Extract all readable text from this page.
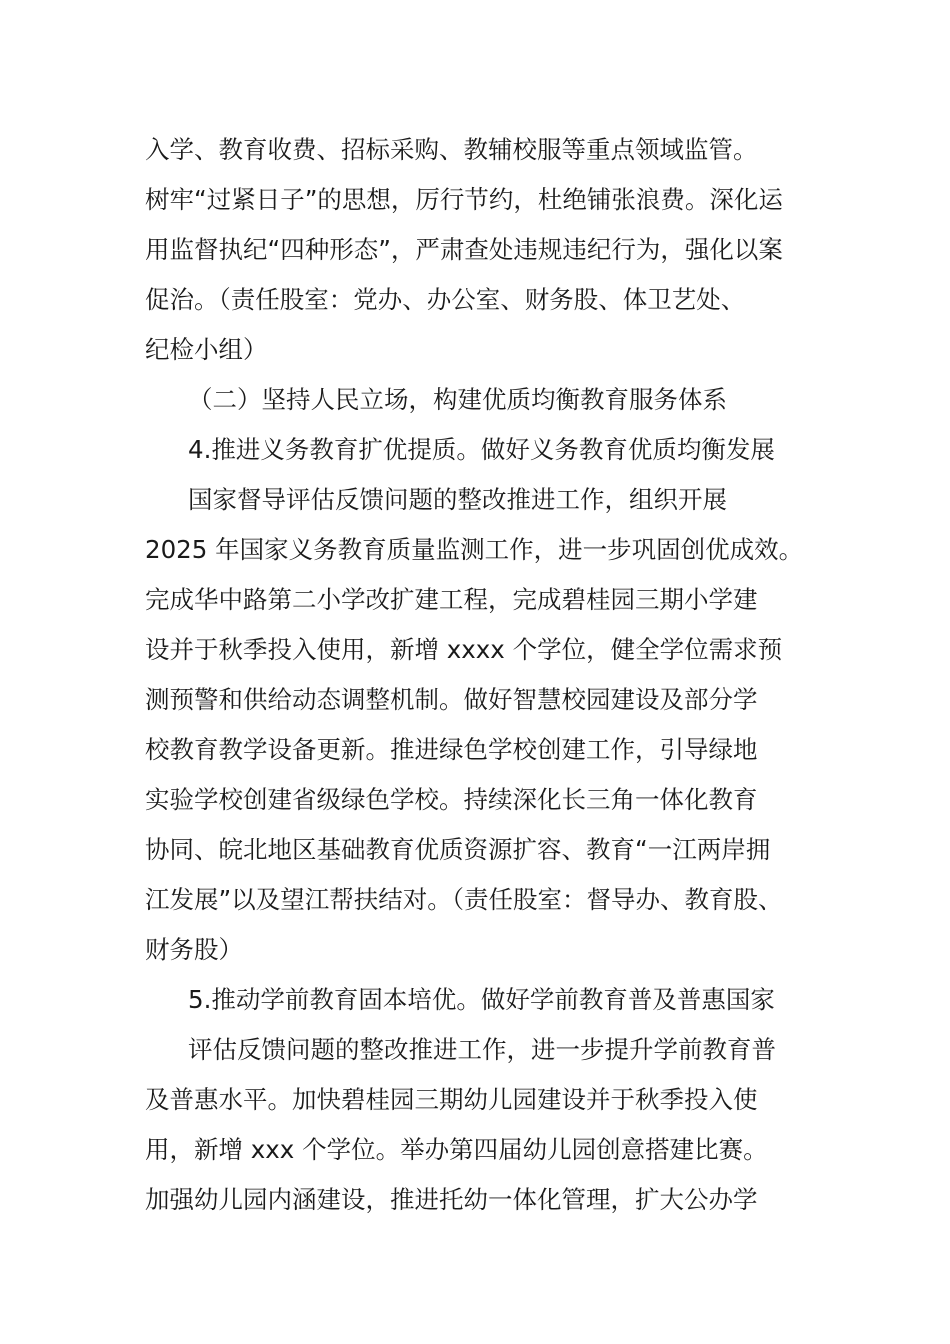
入学、教育收费、招标采购、教辅校服等重点领域监管。
树牢“过紧日子”的思想，厉行节约，杜绝铺张浪费。深化运
用监督执纪“四种形态”，严肃查处违规违纪行为，强化以案
促治。（责任股室：党办、办公室、财务股、体卫艺处、
纪检小组）
（二）坚持人民立场，构建优质均衡教育服务体系
4.推进义务教育扩优提质。做好义务教育优质均衡发展
国家督导评估反馈问题的整改推进工作，组织开展
2025 年国家义务教育质量监测工作，进一步巩固创优成效。
完成华中路第二小学改扩建工程，完成碧桂园三期小学建
设并于秋季投入使用，新增 xxxx 个学位，健全学位需求预
测预警和供给动态调整机制。做好智慧校园建设及部分学
校教育教学设备更新。推进绿色学校创建工作，引导绿地
实验学校创建省级绿色学校。持续深化长三角一体化教育
协同、皖北地区基础教育优质资源扩容、教育“一江两岸拥
江发展”以及望江帮扶结对。（责任股室：督导办、教育股、
财务股）
5.推动学前教育固本培优。做好学前教育普及普惠国家
评估反馈问题的整改推进工作，进一步提升学前教育普
及普惠水平。加快碧桂园三期幼儿园建设并于秋季投入使
用，新增 xxx 个学位。举办第四届幼儿园创意搭建比赛。
加强幼儿园内涵建设，推进托幼一体化管理，扩大公办学
